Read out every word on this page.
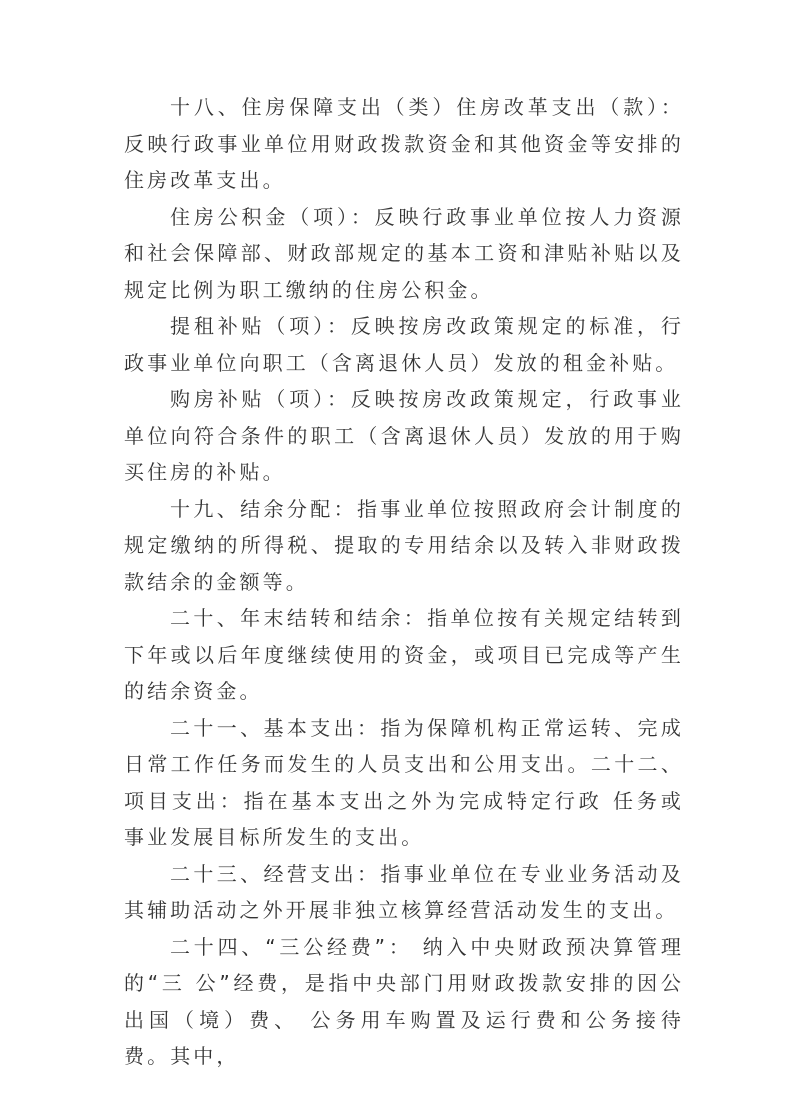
十八、住房保障支出（类）住房改革支出（款）：反映行政事业单位用财政拨款资金和其他资金等安排的住房改革支出。

住房公积金（项）：反映行政事业单位按人力资源和社会保障部、财政部规定的基本工资和津贴补贴以及规定比例为职工缴纳的住房公积金。

提租补贴（项）：反映按房改政策规定的标准，行政事业单位向职工（含离退休人员）发放的租金补贴。

购房补贴（项）：反映按房改政策规定，行政事业单位向符合条件的职工（含离退休人员）发放的用于购买住房的补贴。

十九、结余分配：指事业单位按照政府会计制度的规定缴纳的所得税、提取的专用结余以及转入非财政拨款结余的金额等。

二十、年末结转和结余：指单位按有关规定结转到下年或以后年度继续使用的资金，或项目已完成等产生的结余资金。

二十一、基本支出：指为保障机构正常运转、完成日常工作任务而发生的人员支出和公用支出。二十二、项目支出：指在基本支出之外为完成特定行政 任务或事业发展目标所发生的支出。

二十三、经营支出：指事业单位在专业业务活动及其辅助活动之外开展非独立核算经营活动发生的支出。

二十四、“三公经费”： 纳入中央财政预决算管理的“三 公”经费，是指中央部门用财政拨款安排的因公出国（境）费、 公务用车购置及运行费和公务接待费。其中，
